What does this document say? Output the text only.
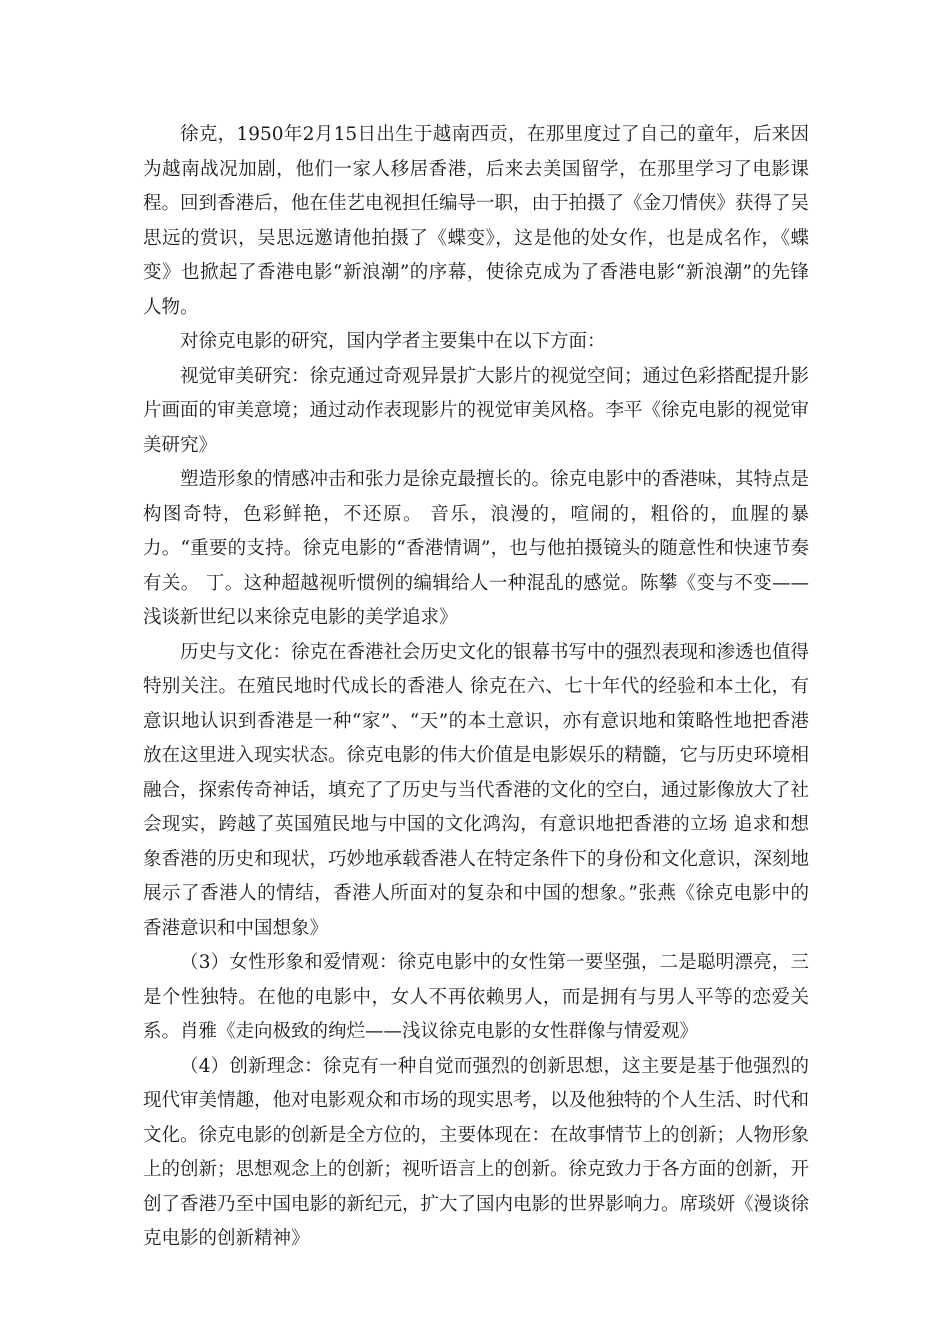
徐克，1950年2月15日出生于越南西贡，在那里度过了自己的童年，后来因为越南战况加剧，他们一家人移居香港，后来去美国留学，在那里学习了电影课程。回到香港后，他在佳艺电视担任编导一职，由于拍摄了《金刀情侠》获得了吴思远的赏识，吴思远邀请他拍摄了《蝶变》，这是他的处女作，也是成名作，《蝶变》也掀起了香港电影“新浪潮”的序幕，使徐克成为了香港电影“新浪潮”的先锋人物。

对徐克电影的研究，国内学者主要集中在以下方面：

视觉审美研究：徐克通过奇观异景扩大影片的视觉空间；通过色彩搭配提升影片画面的审美意境；通过动作表现影片的视觉审美风格。李平《徐克电影的视觉审美研究》

塑造形象的情感冲击和张力是徐克最擅长的。徐克电影中的香港味，其特点是构图奇特，色彩鲜艳，不还原。 音乐，浪漫的，喧闹的，粗俗的，血腥的暴力。“重要的支持。徐克电影的“香港情调”，也与他拍摄镜头的随意性和快速节奏有关。 丁。这种超越视听惯例的编辑给人一种混乱的感觉。陈攀《变与不变——浅谈新世纪以来徐克电影的美学追求》

历史与文化：徐克在香港社会历史文化的银幕书写中的强烈表现和渗透也值得特别关注。在殖民地时代成长的香港人 徐克在六、七十年代的经验和本土化，有意识地认识到香港是一种“家”、“天”的本土意识，亦有意识地和策略性地把香港放在这里进入现实状态。徐克电影的伟大价值是电影娱乐的精髓，它与历史环境相融合，探索传奇神话，填充了了历史与当代香港的文化的空白，通过影像放大了社会现实，跨越了英国殖民地与中国的文化鸿沟，有意识地把香港的立场 追求和想象香港的历史和现状，巧妙地承载香港人在特定条件下的身份和文化意识，深刻地展示了香港人的情结，香港人所面对的复杂和中国的想象。”张燕《徐克电影中的香港意识和中国想象》

（3）女性形象和爱情观：徐克电影中的女性第一要坚强，二是聪明漂亮，三是个性独特。在他的电影中，女人不再依赖男人，而是拥有与男人平等的恋爱关系。肖雅《走向极致的绚烂——浅议徐克电影的女性群像与情爱观》

（4）创新理念：徐克有一种自觉而强烈的创新思想，这主要是基于他强烈的现代审美情趣，他对电影观众和市场的现实思考，以及他独特的个人生活、时代和文化。徐克电影的创新是全方位的，主要体现在：在故事情节上的创新；人物形象上的创新；思想观念上的创新；视听语言上的创新。徐克致力于各方面的创新，开创了香港乃至中国电影的新纪元，扩大了国内电影的世界影响力。席琰妍《漫谈徐克电影的创新精神》
